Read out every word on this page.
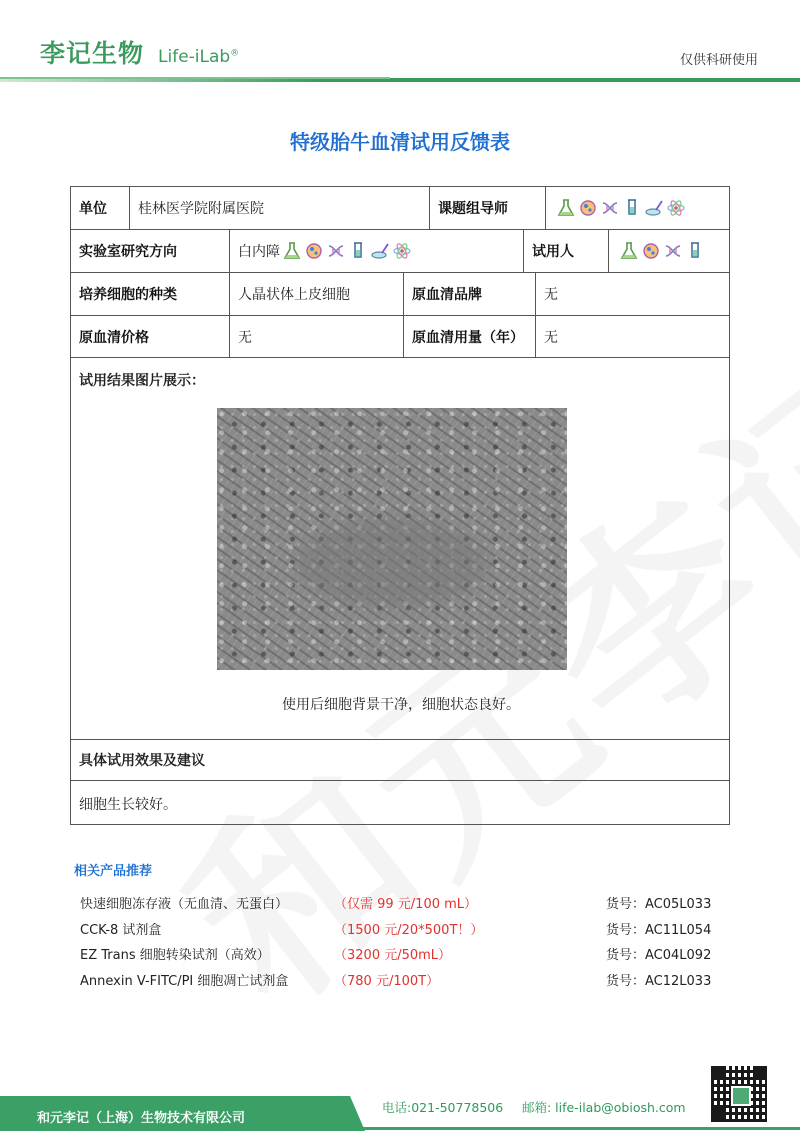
李记生物 Life-iLab®	仅供科研使用
特级胎牛血清试用反馈表
单位	桂林医学院附属医院	课题组导师
实验室研究方向	白内障	试用人
培养细胞的种类	人晶状体上皮细胞	原血清品牌	无
原血清价格	无	原血清用量（年）	无
试用结果图片展示：
使用后细胞背景干净，细胞状态良好。
具体试用效果及建议
细胞生长较好。
相关产品推荐
快速细胞冻存液（无血清、无蛋白）	（仅需 99 元/100 mL）	货号：AC05L033
CCK-8 试剂盒	（1500 元/20*500T！）	货号：AC11L054
EZ Trans 细胞转染试剂（高效）	（3200 元/50mL）	货号：AC04L092
Annexin V-FITC/PI 细胞凋亡试剂盒	（780 元/100T）	货号：AC12L033
和元李记（上海）生物技术有限公司
电话:021-50778506 邮箱: life-ilab@obiosh.com
